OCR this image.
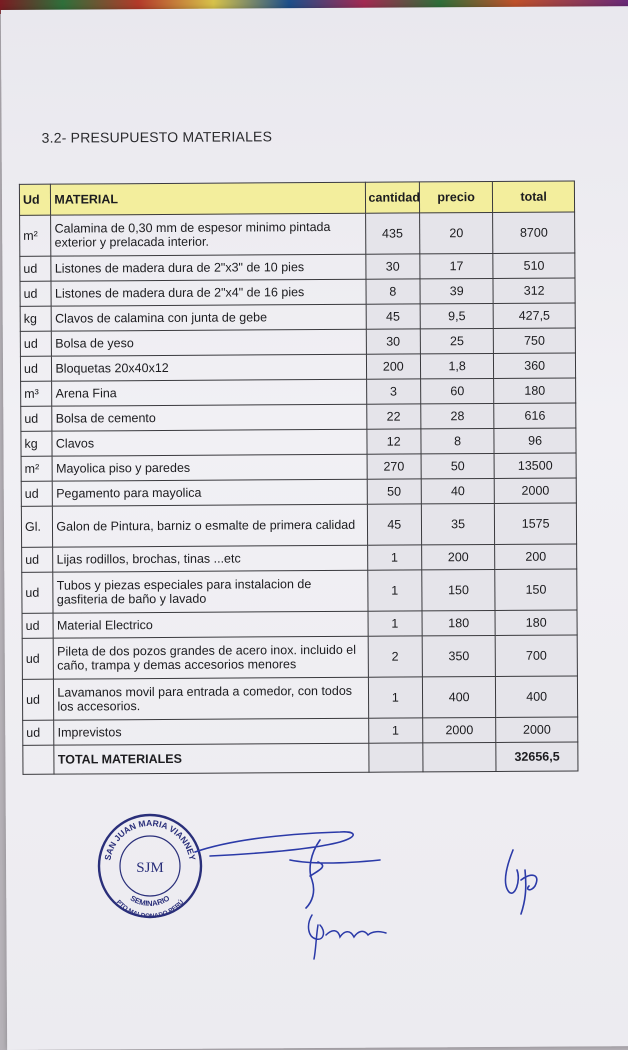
3.2- PRESUPUESTO MATERIALES
Ud	MATERIAL	cantidad	precio	total
m²	Calamina de 0,30 mm de espesor minimo pintada exterior y prelacada interior.	435	20	8700
ud	Listones de madera dura de 2"x3" de 10 pies	30	17	510
ud	Listones de madera dura de 2"x4" de 16 pies	8	39	312
kg	Clavos de calamina con junta de gebe	45	9,5	427,5
ud	Bolsa de yeso	30	25	750
ud	Bloquetas 20x40x12	200	1,8	360
m³	Arena Fina	3	60	180
ud	Bolsa de cemento	22	28	616
kg	Clavos	12	8	96
m²	Mayolica piso y paredes	270	50	13500
ud	Pegamento para mayolica	50	40	2000
Gl.	Galon de Pintura, barniz o esmalte de primera calidad	45	35	1575
ud	Lijas rodillos, brochas, tinas ...etc	1	200	200
ud	Tubos y piezas especiales para instalacion de gasfiteria de baño y lavado	1	150	150
ud	Material Electrico	1	180	180
ud	Pileta de dos pozos grandes de acero inox. incluido el caño, trampa y demas accesorios menores	2	350	700
ud	Lavamanos movil para entrada a comedor, con todos los accesorios.	1	400	400
ud	Imprevistos	1	2000	2000
	TOTAL MATERIALES			32656,5
SAN JUAN MARIA VIANNEY
SEMINARIO
PTO MALDONADO PERÚ
SJM
